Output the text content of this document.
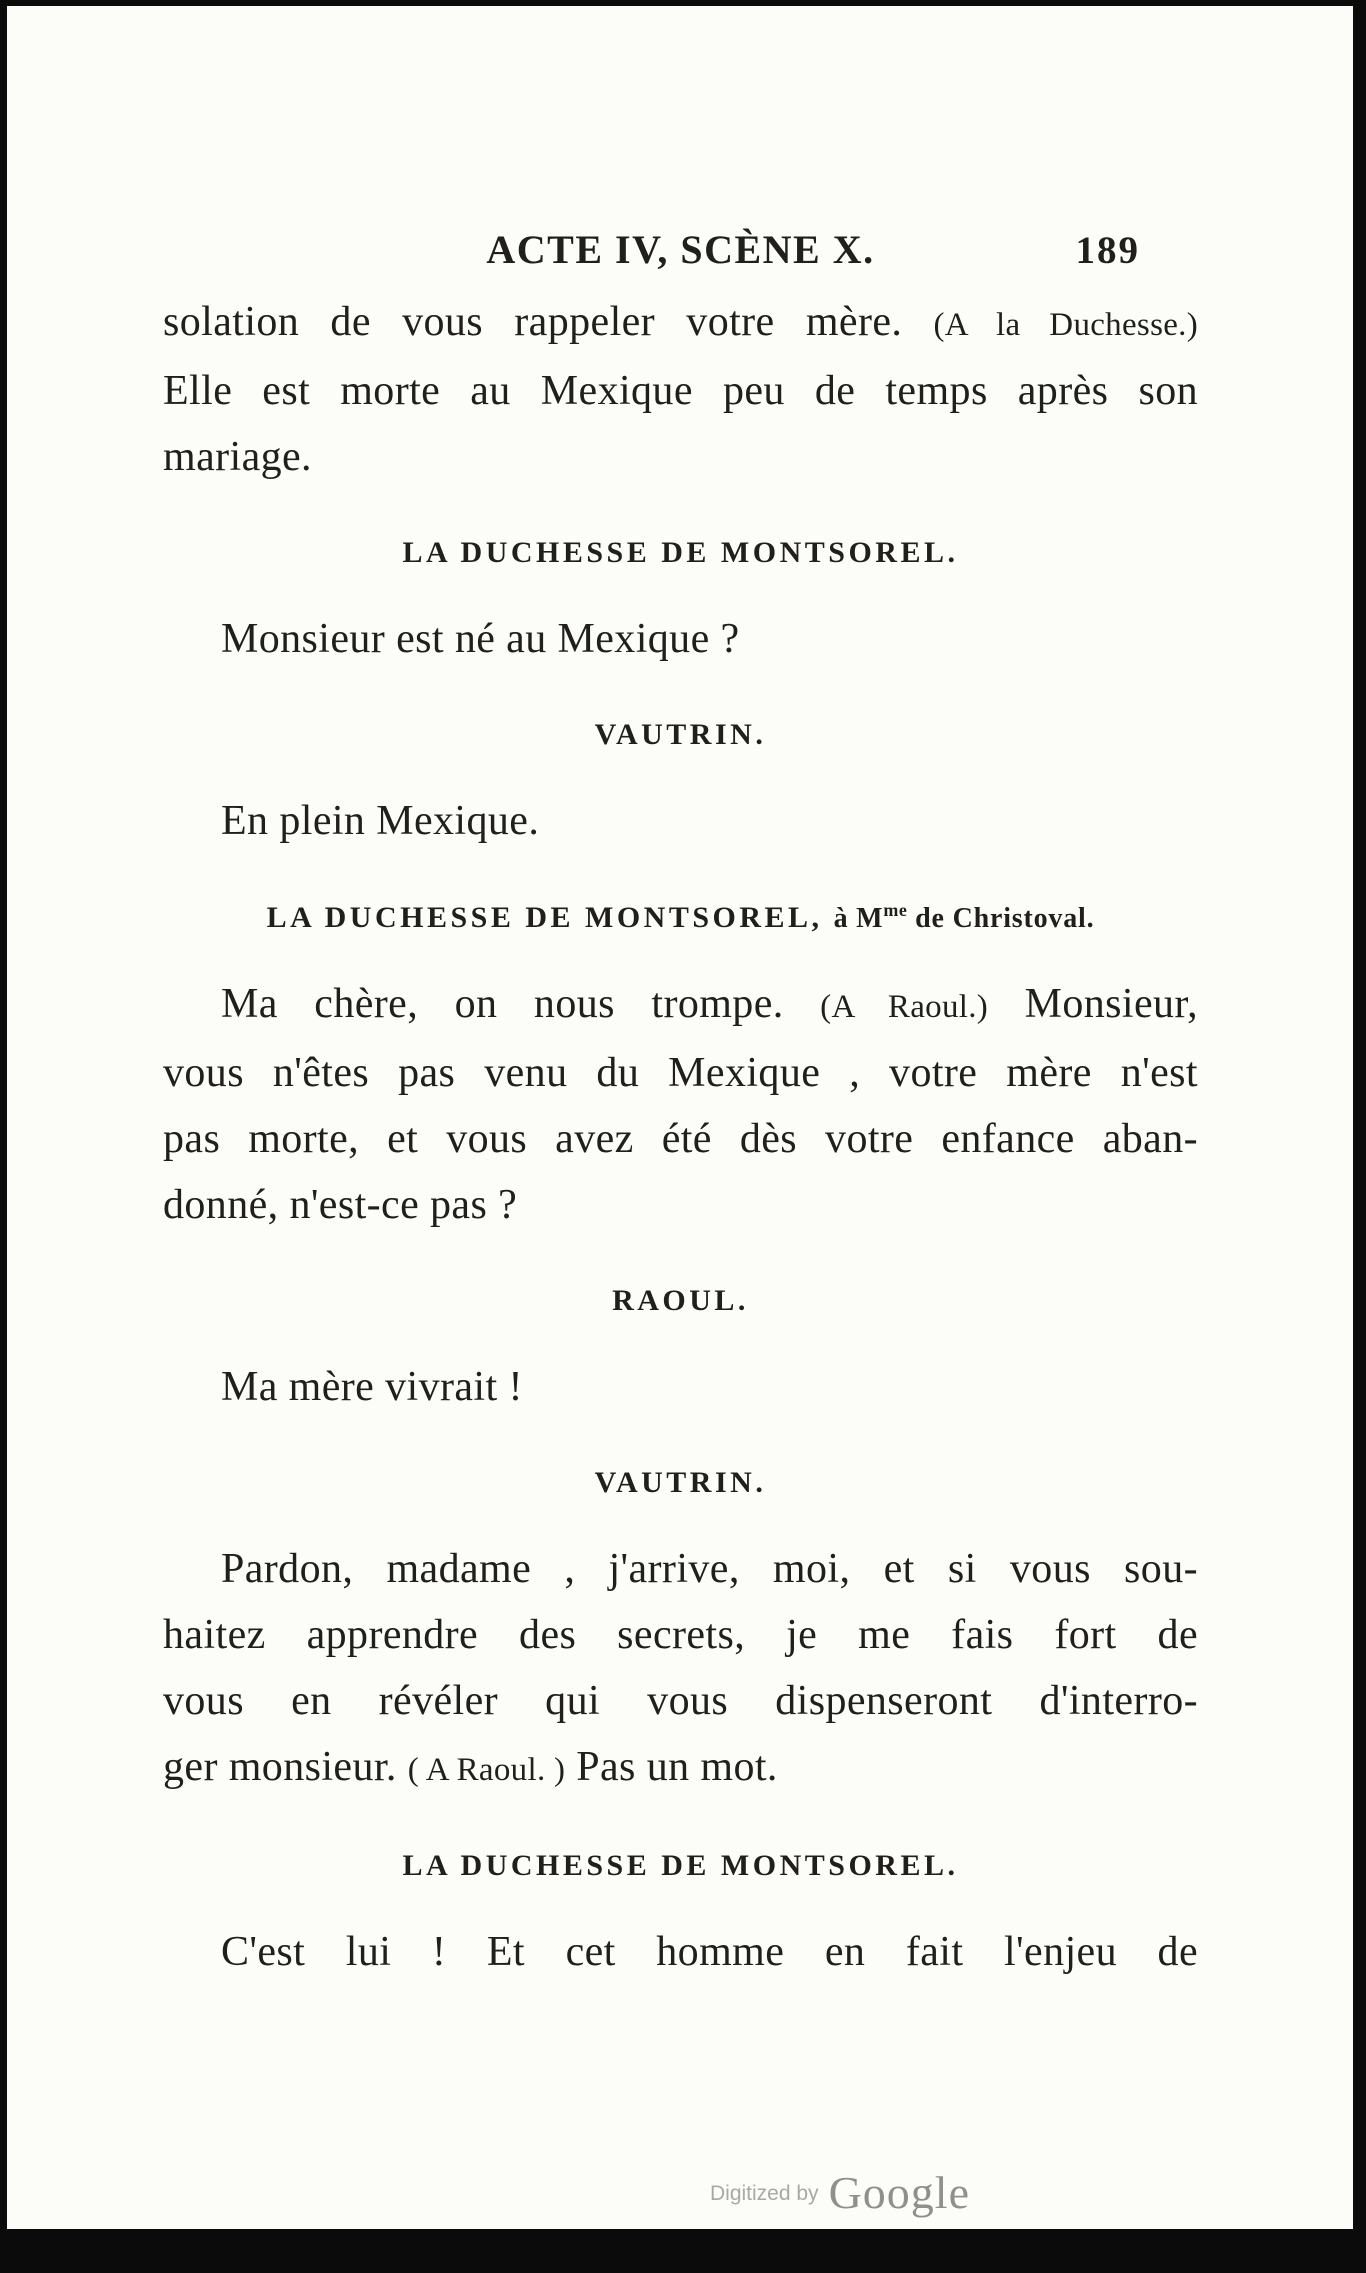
ACTE IV, SCÈNE X.	189
solation de vous rappeler votre mère. (A la Duchesse.)
Elle est morte au Mexique peu de temps après son
mariage.
LA DUCHESSE DE MONTSOREL.
Monsieur est né au Mexique ?
VAUTRIN.
En plein Mexique.
LA DUCHESSE DE MONTSOREL, à $M^{me}$ de Christoval.
Ma chère, on nous trompe. (A Raoul.) Monsieur,
vous n'êtes pas venu du Mexique , votre mère n'est
pas morte, et vous avez été dès votre enfance aban-
donné, n'est-ce pas ?
RAOUL.
Ma mère vivrait !
VAUTRIN.
Pardon, madame , j'arrive, moi, et si vous sou-
haitez apprendre des secrets, je me fais fort de
vous en révéler qui vous dispenseront d'interro-
ger monsieur. ( A Raoul. ) Pas un mot.
LA DUCHESSE DE MONTSOREL.
C'est lui ! Et cet homme en fait l'enjeu de
Digitized by Google
